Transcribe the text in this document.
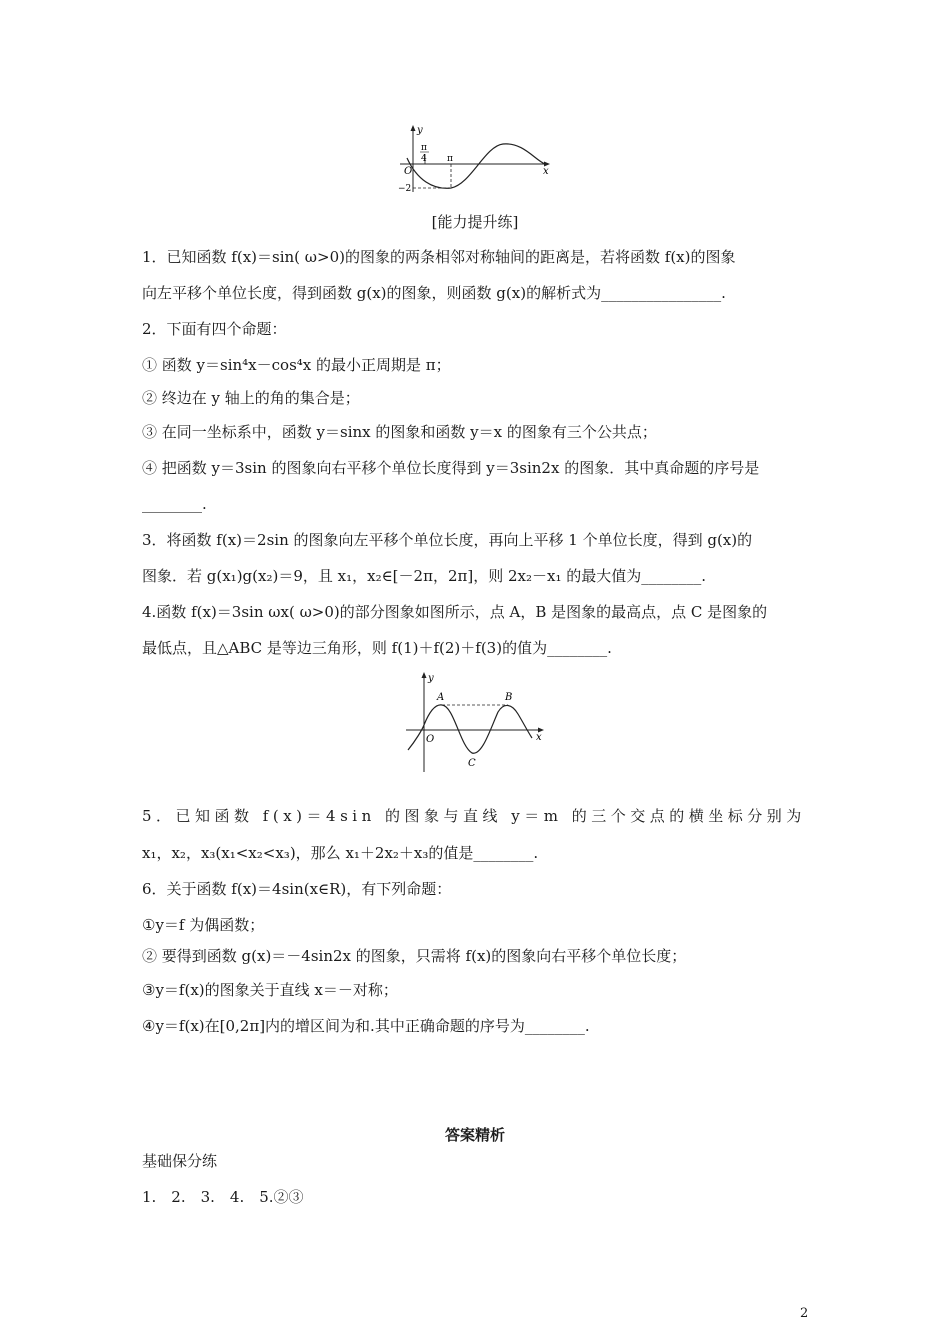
y
x
O
π
4 π
−2
[能力提升练]
1．已知函数 f(x)＝sin( ω>0)的图象的两条相邻对称轴间的距离是，若将函数 f(x)的图象
向左平移个单位长度，得到函数 g(x)的图象，则函数 g(x)的解析式为________________.
2．下面有四个命题：
① 函数 y＝sin⁴x－cos⁴x 的最小正周期是 π；
② 终边在 y 轴上的角的集合是；
③ 在同一坐标系中，函数 y＝sinx 的图象和函数 y＝x 的图象有三个公共点；
④ 把函数 y＝3sin 的图象向右平移个单位长度得到 y＝3sin2x 的图象．其中真命题的序号是
________.
3．将函数 f(x)＝2sin 的图象向左平移个单位长度，再向上平移 1 个单位长度，得到 g(x)的
图象．若 g(x₁)g(x₂)＝9，且 x₁，x₂∈[－2π，2π]，则 2x₂－x₁ 的最大值为________.
4.函数 f(x)＝3sin ωx( ω>0)的部分图象如图所示，点 A，B 是图象的最高点，点 C 是图象的
最低点，且△ABC 是等边三角形，则 f(1)＋f(2)＋f(3)的值为________.
y
x
O
A	B
C
5．已知函数 f(x)＝4sin 的图象与直线 y＝m 的三个交点的横坐标分别为
x₁，x₂，x₃(x₁<x₂<x₃)，那么 x₁＋2x₂＋x₃的值是________.
6．关于函数 f(x)＝4sin(x∈R)，有下列命题：
①y＝f 为偶函数；
② 要得到函数 g(x)＝－4sin2x 的图象，只需将 f(x)的图象向右平移个单位长度；
③y＝f(x)的图象关于直线 x＝－对称；
④y＝f(x)在[0,2π]内的增区间为和.其中正确命题的序号为________.
答案精析
基础保分练
1.　2.　3.　4.　5.②③
2
